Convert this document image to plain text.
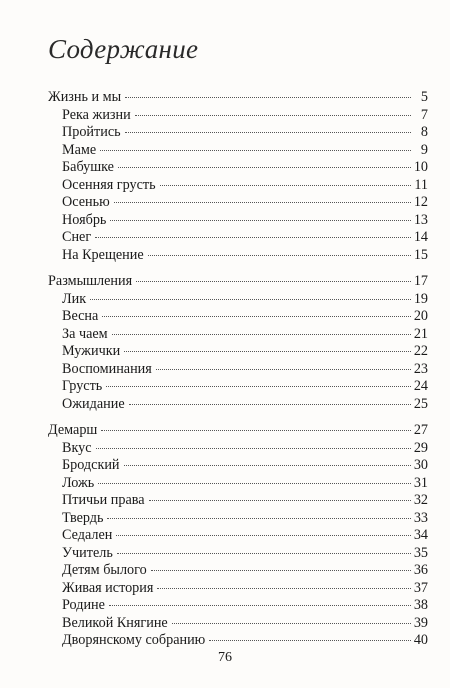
Содержание
Жизнь и мы	5
Река жизни	7
Пройтись	8
Маме	9
Бабушке	10
Осенняя грусть	11
Осенью	12
Ноябрь	13
Снег	14
На Крещение	15
Размышления	17
Лик	19
Весна	20
За чаем	21
Мужички	22
Воспоминания	23
Грусть	24
Ожидание	25
Демарш	27
Вкус	29
Бродский	30
Ложь	31
Птичьи права	32
Твердь	33
Седален	34
Учитель	35
Детям былого	36
Живая история	37
Родине	38
Великой Княгине	39
Дворянскому собранию	40
76
